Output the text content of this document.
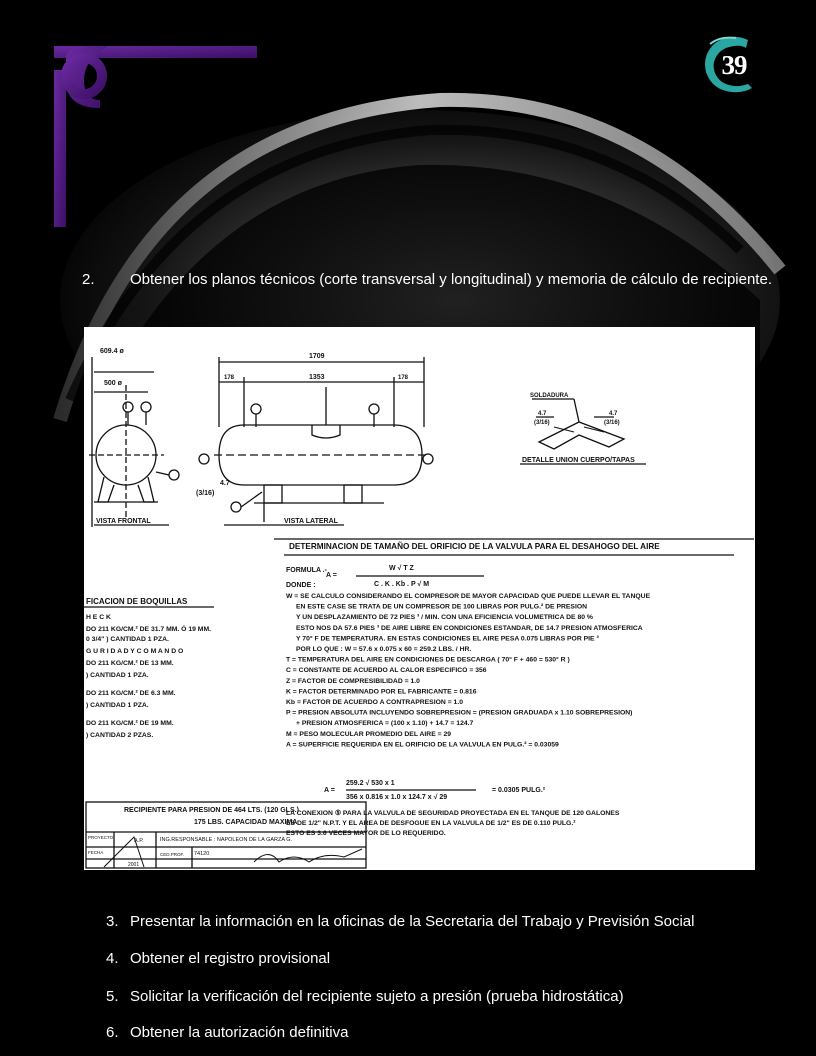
39
2. Obtener los planos técnicos (corte transversal y longitudinal) y memoria de cálculo de recipiente.
609.4 ø
500 ø
1709
178	1353	178
4.7
(3/16)
SOLDADURA
4.7
(3/16)
4.7
(3/16)
DETALLE UNION CUERPO/TAPAS
VISTA FRONTAL	VISTA LATERAL
DETERMINACION DE TAMAÑO DEL ORIFICIO DE LA VALVULA PARA EL DESAHOGO DEL AIRE
FORMULA .-
A =
W √ T Z
C . K . Kb . P √ M
DONDE :
W = SE CALCULO CONSIDERANDO EL COMPRESOR DE MAYOR CAPACIDAD QUE PUEDE LLEVAR EL TANQUE
EN ESTE CASE SE TRATA DE UN COMPRESOR DE 100 LIBRAS POR PULG.² DE PRESION
Y UN DESPLAZAMIENTO DE 72 PIES ³ / MIN. CON UNA EFICIENCIA VOLUMETRICA DE 80 %
ESTO NOS DA 57.6 PIES ³ DE AIRE LIBRE EN CONDICIONES ESTANDAR, DE 14.7 PRESION ATMOSFERICA
Y 70° F DE TEMPERATURA. EN ESTAS CONDICIONES EL AIRE PESA 0.075 LIBRAS POR PIE ³
POR LO QUE : W = 57.6 x 0.075 x 60 = 259.2 LBS. / HR.
T = TEMPERATURA DEL AIRE EN CONDICIONES DE DESCARGA ( 70° F + 460 = 530° R )
C = CONSTANTE DE ACUERDO AL CALOR ESPECIFICO = 356
Z = FACTOR DE COMPRESIBILIDAD = 1.0
K = FACTOR DETERMINADO POR EL FABRICANTE = 0.816
Kb = FACTOR DE ACUERDO A CONTRAPRESION = 1.0
P = PRESION ABSOLUTA INCLUYENDO SOBREPRESION = (PRESION GRADUADA x 1.10 SOBREPRESION)
+ PRESION ATMOSFERICA = (100 x 1.10) + 14.7 = 124.7
M = PESO MOLECULAR PROMEDIO DEL AIRE = 29
A = SUPERFICIE REQUERIDA EN EL ORIFICIO DE LA VALVULA EN PULG.² = 0.03059
259.2 √ 530 x 1
356 x 0.816 x 1.0 x 124.7 x √ 29
A =	= 0.0305 PULG.²
LA CONEXION ⑤ PARA LA VALVULA DE SEGURIDAD PROYECTADA EN EL TANQUE DE 120 GALONES
ES DE 1/2" N.P.T. Y EL AREA DE DESFOGUE EN LA VALVULA DE 1/2" ES DE 0.110 PULG.²
ESTO ES 3.6 VECES MAYOR DE LO REQUERIDO.
FICACION DE BOQUILLAS
H E C K
DO 211 KG/CM.² DE 31.7 MM. Ó 19 MM.
0 3/4" ) CANTIDAD 1 PZA.
G U R I D A D Y C O M A N D O
DO 211 KG/CM.² DE 13 MM.
) CANTIDAD 1 PZA.
DO 211 KG/CM.² DE 6.3 MM.
) CANTIDAD 1 PZA.
DO 211 KG/CM.² DE 19 MM.
) CANTIDAD 2 PZAS.
RECIPIENTE PARA PRESION DE 464 LTS. (120 GLS.)
175 LBS. CAPACIDAD MAXIMA
PROYECTO
FECHA
A.P.	ING.RESPONSABLE : NAPOLEON DE LA GARZA G.
2001
CED.PROF. 74120
3. Presentar la información en la oficinas de la Secretaria del Trabajo y Previsión Social
4. Obtener el registro provisional
5. Solicitar la verificación del recipiente sujeto a presión (prueba hidrostática)
6. Obtener la autorización definitiva
